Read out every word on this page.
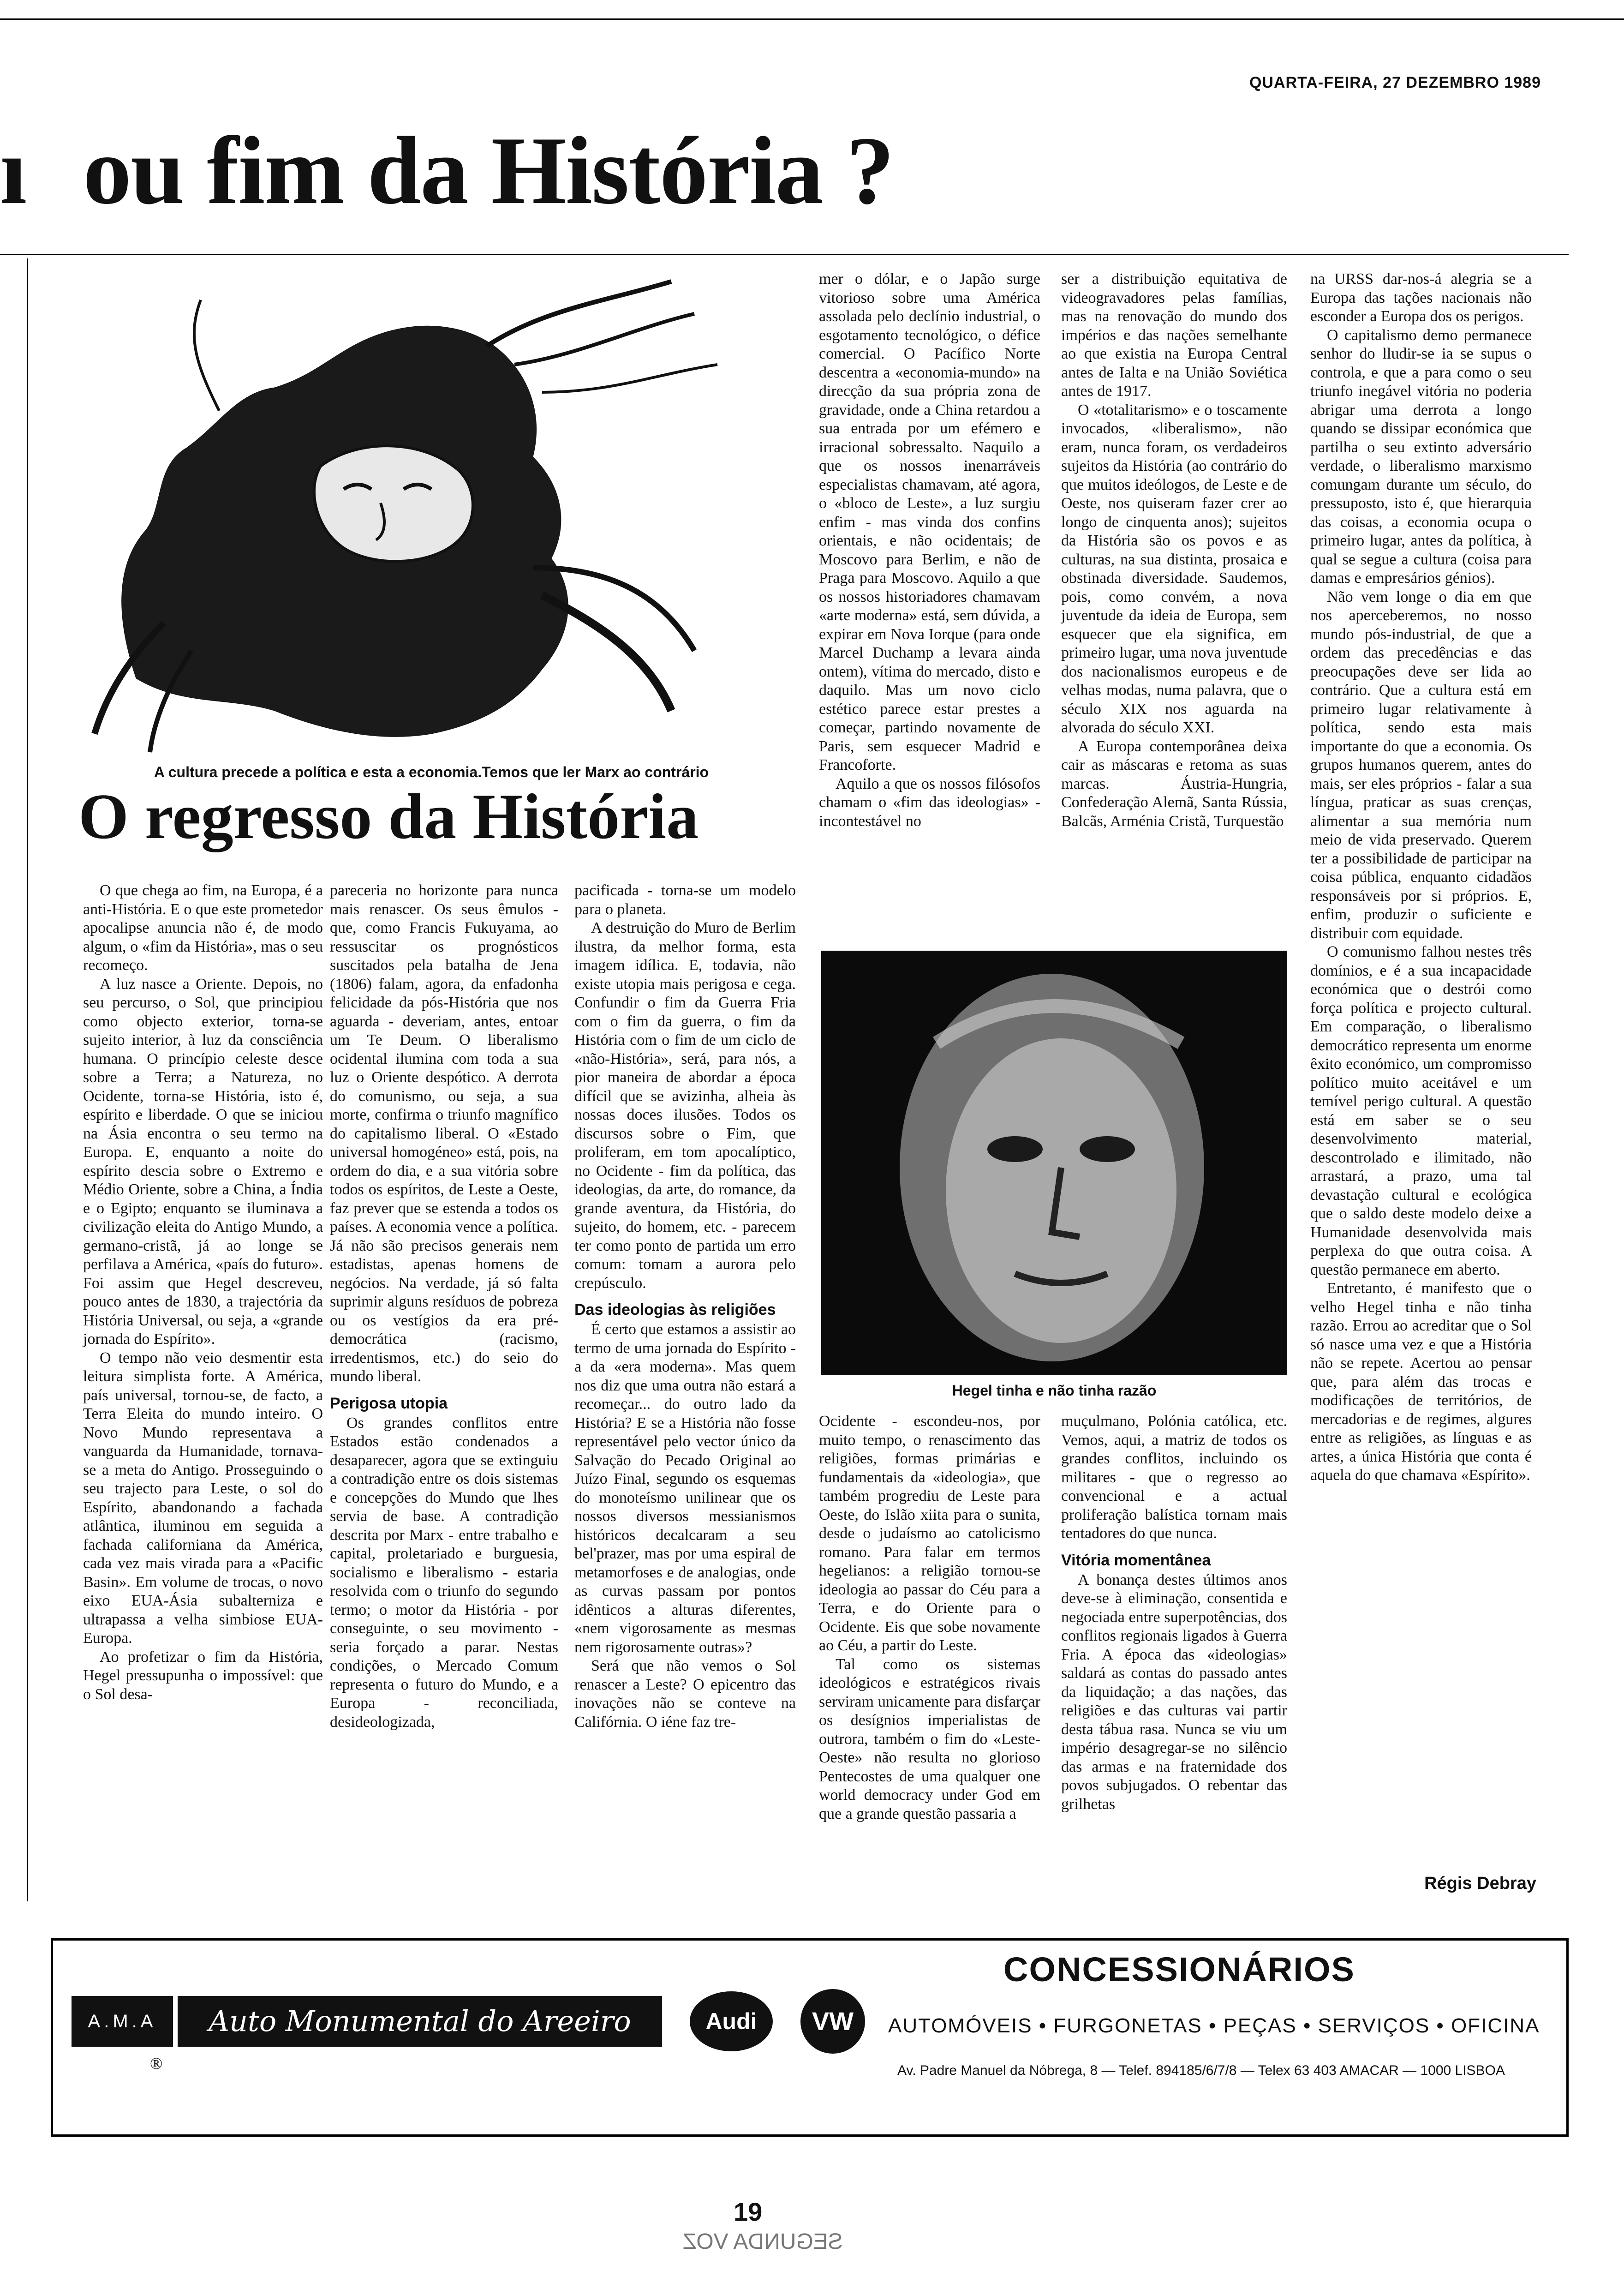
QUARTA-FEIRA, 27 DEZEMBRO 1989
ı ou fim da História ?
A cultura precede a política e esta a economia.Temos que ler Marx ao contrário
O regresso da História

O que chega ao fim, na Europa, é a anti-História. E o que este prometedor apocalipse anuncia não é, de modo algum, o «fim da História», mas o seu recomeço.

A luz nasce a Oriente. Depois, no seu percurso, o Sol, que principiou como objecto exterior, torna-se sujeito interior, à luz da consciência humana. O princípio celeste desce sobre a Terra; a Natureza, no Ocidente, torna-se História, isto é, espírito e liberdade. O que se iniciou na Ásia encontra o seu termo na Europa. E, enquanto a noite do espírito descia sobre o Extremo e Médio Oriente, sobre a China, a Índia e o Egipto; enquanto se iluminava a civilização eleita do Antigo Mundo, a germano-cristã, já ao longe se perfilava a América, «país do futuro». Foi assim que Hegel descreveu, pouco antes de 1830, a trajectória da História Universal, ou seja, a «grande jornada do Espírito».

O tempo não veio desmentir esta leitura simplista forte. A América, país universal, tornou-se, de facto, a Terra Eleita do mundo inteiro. O Novo Mundo representava a vanguarda da Humanidade, tornava-se a meta do Antigo. Prosseguindo o seu trajecto para Leste, o sol do Espírito, abandonando a fachada atlântica, iluminou em seguida a fachada californiana da América, cada vez mais virada para a «Pacific Basin». Em volume de trocas, o novo eixo EUA-Ásia subalterniza e ultrapassa a velha simbiose EUA-Europa.

Ao profetizar o fim da História, Hegel pressupunha o impossível: que o Sol desa-

pareceria no horizonte para nunca mais renascer. Os seus êmulos - que, como Francis Fukuyama, ao ressuscitar os prognósticos suscitados pela batalha de Jena (1806) falam, agora, da enfadonha felicidade da pós-História que nos aguarda - deveriam, antes, entoar um Te Deum. O liberalismo ocidental ilumina com toda a sua luz o Oriente despótico. A derrota do comunismo, ou seja, a sua morte, confirma o triunfo magnífico do capitalismo liberal. O «Estado universal homogéneo» está, pois, na ordem do dia, e a sua vitória sobre todos os espíritos, de Leste a Oeste, faz prever que se estenda a todos os países. A economia vence a política. Já não são precisos generais nem estadistas, apenas homens de negócios. Na verdade, já só falta suprimir alguns resíduos de pobreza ou os vestígios da era pré-democrática (racismo, irredentismos, etc.) do seio do mundo liberal.

Perigosa utopia

Os grandes conflitos entre Estados estão condenados a desaparecer, agora que se extinguiu a contradição entre os dois sistemas e concepções do Mundo que lhes servia de base. A contradição descrita por Marx - entre trabalho e capital, proletariado e burguesia, socialismo e liberalismo - estaria resolvida com o triunfo do segundo termo; o motor da História - por conseguinte, o seu movimento - seria forçado a parar. Nestas condições, o Mercado Comum representa o futuro do Mundo, e a Europa - reconciliada, desideologizada,

pacificada - torna-se um modelo para o planeta.

A destruição do Muro de Berlim ilustra, da melhor forma, esta imagem idílica. E, todavia, não existe utopia mais perigosa e cega. Confundir o fim da Guerra Fria com o fim da guerra, o fim da História com o fim de um ciclo de «não-História», será, para nós, a pior maneira de abordar a época difícil que se avizinha, alheia às nossas doces ilusões. Todos os discursos sobre o Fim, que proliferam, em tom apocalíptico, no Ocidente - fim da política, das ideologias, da arte, do romance, da grande aventura, da História, do sujeito, do homem, etc. - parecem ter como ponto de partida um erro comum: tomam a aurora pelo crepúsculo.

Das ideologias às religiões

É certo que estamos a assistir ao termo de uma jornada do Espírito - a da «era moderna». Mas quem nos diz que uma outra não estará a recomeçar... do outro lado da História? E se a História não fosse representável pelo vector único da Salvação do Pecado Original ao Juízo Final, segundo os esquemas do monoteísmo unilinear que os nossos diversos messianismos históricos decalcaram a seu bel'prazer, mas por uma espiral de metamorfoses e de analogias, onde as curvas passam por pontos idênticos a alturas diferentes, «nem vigorosamente as mesmas nem rigorosamente outras»?

Será que não vemos o Sol renascer a Leste? O epicentro das inovações não se conteve na Califórnia. O iéne faz tre-

mer o dólar, e o Japão surge vitorioso sobre uma América assolada pelo declínio industrial, o esgotamento tecnológico, o défice comercial. O Pacífico Norte descentra a «economia-mundo» na direcção da sua própria zona de gravidade, onde a China retardou a sua entrada por um efémero e irracional sobressalto. Naquilo a que os nossos inenarráveis especialistas chamavam, até agora, o «bloco de Leste», a luz surgiu enfim - mas vinda dos confins orientais, e não ocidentais; de Moscovo para Berlim, e não de Praga para Moscovo. Aquilo a que os nossos historiadores chamavam «arte moderna» está, sem dúvida, a expirar em Nova Iorque (para onde Marcel Duchamp a levara ainda ontem), vítima do mercado, disto e daquilo. Mas um novo ciclo estético parece estar prestes a começar, partindo novamente de Paris, sem esquecer Madrid e Francoforte.

Aquilo a que os nossos filósofos chamam o «fim das ideologias» - incontestável no

ser a distribuição equitativa de videogravadores pelas famílias, mas na renovação do mundo dos impérios e das nações semelhante ao que existia na Europa Central antes de Ialta e na União Soviética antes de 1917.

O «totalitarismo» e o toscamente invocados, «liberalismo», não eram, nunca foram, os verdadeiros sujeitos da História (ao contrário do que muitos ideólogos, de Leste e de Oeste, nos quiseram fazer crer ao longo de cinquenta anos); sujeitos da História são os povos e as culturas, na sua distinta, prosaica e obstinada diversidade. Saudemos, pois, como convém, a nova juventude da ideia de Europa, sem esquecer que ela significa, em primeiro lugar, uma nova juventude dos nacionalismos europeus e de velhas modas, numa palavra, que o século XIX nos aguarda na alvorada do século XXI.

A Europa contemporânea deixa cair as máscaras e retoma as suas marcas. Áustria-Hungria, Confederação Alemã, Santa Rússia, Balcãs, Arménia Cristã, Turquestão

Hegel tinha e não tinha razão

Ocidente - escondeu-nos, por muito tempo, o renascimento das religiões, formas primárias e fundamentais da «ideologia», que também progrediu de Leste para Oeste, do Islão xiita para o sunita, desde o judaísmo ao catolicismo romano. Para falar em termos hegelianos: a religião tornou-se ideologia ao passar do Céu para a Terra, e do Oriente para o Ocidente. Eis que sobe novamente ao Céu, a partir do Leste.

Tal como os sistemas ideológicos e estratégicos rivais serviram unicamente para disfarçar os desígnios imperialistas de outrora, também o fim do «Leste-Oeste» não resulta no glorioso Pentecostes de uma qualquer one world democracy under God em que a grande questão passaria a

muçulmano, Polónia católica, etc. Vemos, aqui, a matriz de todos os grandes conflitos, incluindo os militares - que o regresso ao convencional e a actual proliferação balística tornam mais tentadores do que nunca.

Vitória momentânea

A bonança destes últimos anos deve-se à eliminação, consentida e negociada entre superpotências, dos conflitos regionais ligados à Guerra Fria. A época das «ideologias» saldará as contas do passado antes da liquidação; a das nações, das religiões e das culturas vai partir desta tábua rasa. Nunca se viu um império desagregar-se no silêncio das armas e na fraternidade dos povos subjugados. O rebentar das grilhetas

na URSS dar-nos-á alegria se a Europa das tações nacionais não esconder a Europa dos os perigos.

O capitalismo demo permanece senhor do lludir-se ia se supus o controla, e que a para como o seu triunfo inegável vitória no poderia abrigar uma derrota a longo quando se dissipar económica que partilha o seu extinto adversário verdade, o liberalismo marxismo comungam durante um século, do pressuposto, isto é, que hierarquia das coisas, a economia ocupa o primeiro lugar, antes da política, à qual se segue a cultura (coisa para damas e empresários génios).

Não vem longe o dia em que nos aperceberemos, no nosso mundo pós-industrial, de que a ordem das precedências e das preocupações deve ser lida ao contrário. Que a cultura está em primeiro lugar relativamente à política, sendo esta mais importante do que a economia. Os grupos humanos querem, antes do mais, ser eles próprios - falar a sua língua, praticar as suas crenças, alimentar a sua memória num meio de vida preservado. Querem ter a possibilidade de participar na coisa pública, enquanto cidadãos responsáveis por si próprios. E, enfim, produzir o suficiente e distribuir com equidade.

O comunismo falhou nestes três domínios, e é a sua incapacidade económica que o destrói como força política e projecto cultural. Em comparação, o liberalismo democrático representa um enorme êxito económico, um compromisso político muito aceitável e um temível perigo cultural. A questão está em saber se o seu desenvolvimento material, descontrolado e ilimitado, não arrastará, a prazo, uma tal devastação cultural e ecológica que o saldo deste modelo deixe a Humanidade desenvolvida mais perplexa do que outra coisa. A questão permanece em aberto.

Entretanto, é manifesto que o velho Hegel tinha e não tinha razão. Errou ao acreditar que o Sol só nasce uma vez e que a História não se repete. Acertou ao pensar que, para além das trocas e modificações de territórios, de mercadorias e de regimes, algures entre as religiões, as línguas e as artes, a única História que conta é aquela do que chamava «Espírito».

Régis Debray
A.M.A	Auto Monumental do Areeiro
®
Audi	VW
CONCESSIONÁRIOS
AUTOMÓVEIS • FURGONETAS • PEÇAS • SERVIÇOS • OFICINA
Av. Padre Manuel da Nóbrega, 8 — Telef. 894185/6/7/8 — Telex 63 403 AMACAR — 1000 LISBOA
19
SEGUNDA VOZ
